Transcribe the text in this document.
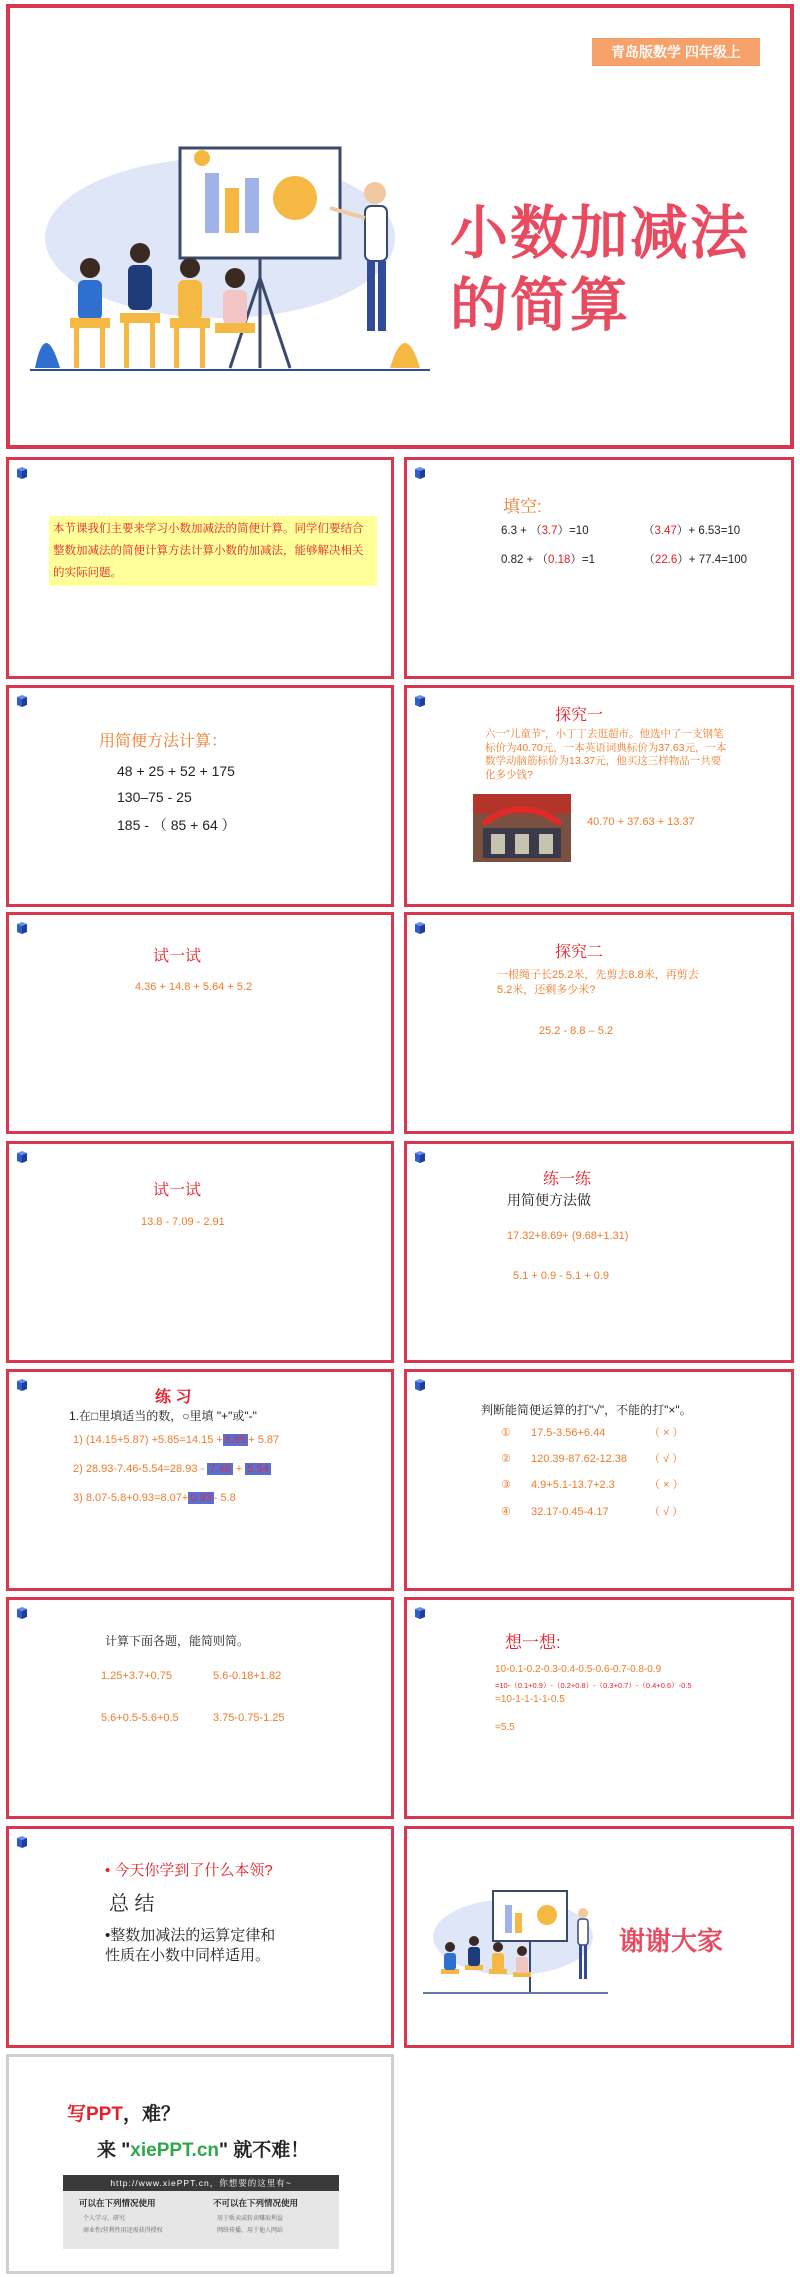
青岛版数学 四年级上
小数加减法
的简算
本节课我们主要来学习小数加减法的简便计算。同学们要结合整数加减法的简便计算方法计算小数的加减法，能够解决相关的实际问题。
填空:
6.3 + （3.7）=10	（3.47）+ 6.53=10
0.82 + （0.18）=1	（22.6）+ 77.4=100
用简便方法计算：
48 + 25 + 52 + 175
130–75 - 25
185 - （ 85 + 64 ）
探究一
六一"儿童节"，小丁丁去逛超市。他选中了一支钢笔标价为40.70元，一本英语词典标价为37.63元，一本数学动脑筋标价为13.37元，他买这三样物品一共要化多少钱?
40.70 + 37.63 + 13.37
试一试
4.36 + 14.8 + 5.64 + 5.2
探究二
一根绳子长25.2米，先剪去8.8米，再剪去5.2米，还剩多少米?
25.2 - 8.8 – 5.2
试一试
13.8 - 7.09 - 2.91
练一练
用简便方法做
17.32+8.69+ (9.68+1.31)
5.1 + 0.9 - 5.1 + 0.9
练 习
1.在□里填适当的数，○里填 "+"或"-"
1) (14.15+5.87) +5.85=14.15 + 5.85 + 5.87
2) 28.93-7.46-5.54=28.93 - 7.46 + 5.54
3) 8.07-5.8+0.93=8.07+ 0.93 - 5.8
判断能简便运算的打"√"，不能的打"×"。
① 17.5-3.56+6.44	（ × ）
② 120.39-87.62-12.38 （ √ ）
③ 4.9+5.1-13.7+2.3	（ × ）
④ 32.17-0.45-4.17	（ √ ）
计算下面各题，能简则简。
1.25+3.7+0.75	5.6-0.18+1.82
5.6+0.5-5.6+0.5	3.75-0.75-1.25
想一想:
10-0.1-0.2-0.3-0.4-0.5-0.6-0.7-0.8-0.9
=10-（0.1+0.9）-（0.2+0.8）-（0.3+0.7）-（0.4+0.6）-0.5
=10-1-1-1-1-0.5
=5.5
• 今天你学到了什么本领?
总 结
•整数加减法的运算定律和
性质在小数中同样适用。	谢谢大家
写PPT，难？
来 "xiePPT.cn" 就不难！
http://www.xiePPT.cn，你想要的这里有~
可以在下列情况使用
个人学习、研究
商业性/营利性用途需获得授权
不可以在下列情况使用
用于贩卖或转卖赚取利益
网络传播，用于他人网站
